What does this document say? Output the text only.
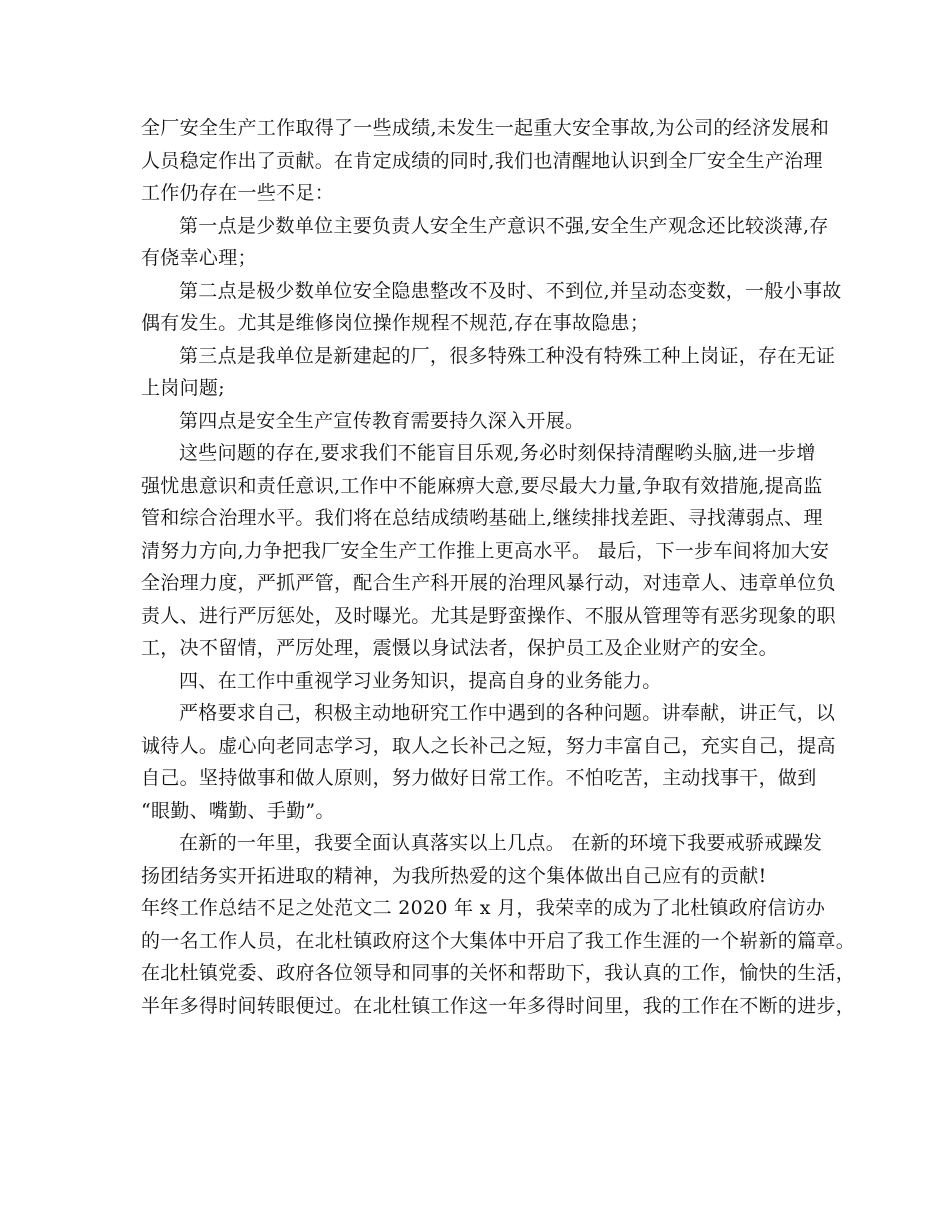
全厂安全生产工作取得了一些成绩,未发生一起重大安全事故,为公司的经济发展和
人员稳定作出了贡献。在肯定成绩的同时,我们也清醒地认识到全厂安全生产治理
工作仍存在一些不足：
第一点是少数单位主要负责人安全生产意识不强,安全生产观念还比较淡薄,存
有侥幸心理；
第二点是极少数单位安全隐患整改不及时、不到位,并呈动态变数，一般小事故
偶有发生。尤其是维修岗位操作规程不规范,存在事故隐患；
第三点是我单位是新建起的厂，很多特殊工种没有特殊工种上岗证，存在无证
上岗问题;
第四点是安全生产宣传教育需要持久深入开展。
这些问题的存在,要求我们不能盲目乐观,务必时刻保持清醒哟头脑,进一步增
强忧患意识和责任意识,工作中不能麻痹大意,要尽最大力量,争取有效措施,提高监
管和综合治理水平。我们将在总结成绩哟基础上,继续排找差距、寻找薄弱点、理
清努力方向,力争把我厂安全生产工作推上更高水平。 最后，下一步车间将加大安
全治理力度，严抓严管，配合生产科开展的治理风暴行动，对违章人、违章单位负
责人、进行严厉惩处，及时曝光。尤其是野蛮操作、不服从管理等有恶劣现象的职
工，决不留情，严厉处理，震慑以身试法者，保护员工及企业财产的安全。
四、在工作中重视学习业务知识，提高自身的业务能力。
严格要求自己，积极主动地研究工作中遇到的各种问题。讲奉献，讲正气，以
诚待人。虚心向老同志学习，取人之长补己之短，努力丰富自己，充实自己，提高
自己。坚持做事和做人原则，努力做好日常工作。不怕吃苦，主动找事干，做到
“眼勤、嘴勤、手勤”。
在新的一年里，我要全面认真落实以上几点。 在新的环境下我要戒骄戒躁发
扬团结务实开拓进取的精神，为我所热爱的这个集体做出自己应有的贡献!
年终工作总结不足之处范文二 2020 年 x 月，我荣幸的成为了北杜镇政府信访办
的一名工作人员，在北杜镇政府这个大集体中开启了我工作生涯的一个崭新的篇章。
在北杜镇党委、政府各位领导和同事的关怀和帮助下，我认真的工作，愉快的生活，
半年多得时间转眼便过。在北杜镇工作这一年多得时间里，我的工作在不断的进步，
